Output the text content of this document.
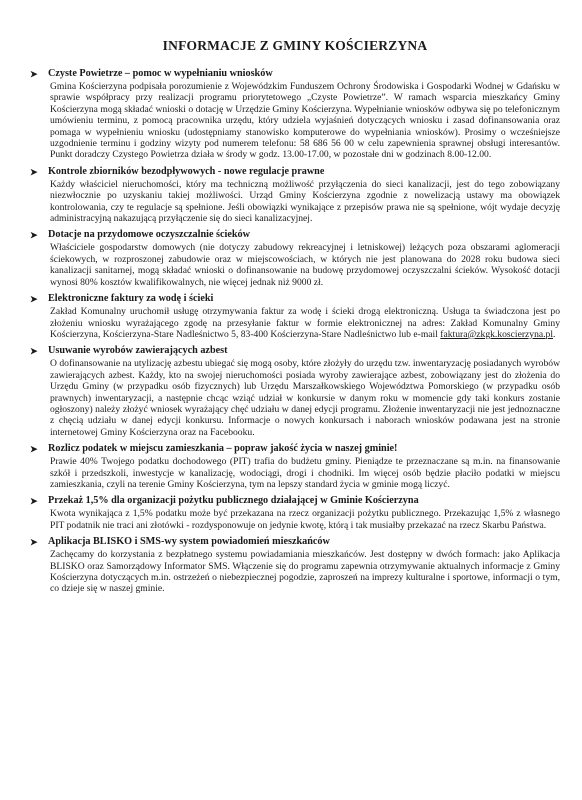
INFORMACJE Z GMINY KOŚCIERZYNA
➤	Czyste Powietrze – pomoc w wypełnianiu wniosków
Gmina Kościerzyna podpisała porozumienie z Wojewódzkim Funduszem Ochrony Środowiska i Gospodarki Wodnej w Gdańsku w sprawie współpracy przy realizacji programu priorytetowego „Czyste Powietrze”. W ramach wsparcia mieszkańcy Gminy Kościerzyna mogą składać wnioski o dotację w Urzędzie Gminy Kościerzyna. Wypełnianie wniosków odbywa się po telefonicznym umówieniu terminu, z pomocą pracownika urzędu, który udziela wyjaśnień dotyczących wniosku i zasad dofinansowania oraz pomaga w wypełnieniu wniosku (udostępniamy stanowisko komputerowe do wypełniania wniosków). Prosimy o wcześniejsze uzgodnienie terminu i godziny wizyty pod numerem telefonu: 58 686 56 00 w celu zapewnienia sprawnej obsługi interesantów. Punkt doradczy Czystego Powietrza działa w środy w godz. 13.00-17.00, w pozostałe dni w godzinach 8.00-12.00.
➤	Kontrole zbiorników bezodpływowych - nowe regulacje prawne
Każdy właściciel nieruchomości, który ma techniczną możliwość przyłączenia do sieci kanalizacji, jest do tego zobowiązany niezwłocznie po uzyskaniu takiej możliwości. Urząd Gminy Kościerzyna zgodnie z nowelizacją ustawy ma obowiązek kontrolowania, czy te regulacje są spełnione. Jeśli obowiązki wynikające z przepisów prawa nie są spełnione, wójt wydaje decyzję administracyjną nakazującą przyłączenie się do sieci kanalizacyjnej.
➤	Dotacje na przydomowe oczyszczalnie ścieków
Właściciele gospodarstw domowych (nie dotyczy zabudowy rekreacyjnej i letniskowej) leżących poza obszarami aglomeracji ściekowych, w rozproszonej zabudowie oraz w miejscowościach, w których nie jest planowana do 2028 roku budowa sieci kanalizacji sanitarnej, mogą składać wnioski o dofinansowanie na budowę przydomowej oczyszczalni ścieków. Wysokość dotacji wynosi 80% kosztów kwalifikowalnych, nie więcej jednak niż 9000 zł.
➤	Elektroniczne faktury za wodę i ścieki
Zakład Komunalny uruchomił usługę otrzymywania faktur za wodę i ścieki drogą elektroniczną. Usługa ta świadczona jest po złożeniu wniosku wyrażającego zgodę na przesyłanie faktur w formie elektronicznej na adres: Zakład Komunalny Gminy Kościerzyna, Kościerzyna-Stare Nadleśnictwo 5, 83-400 Kościerzyna-Stare Nadleśnictwo lub e-mail faktura@zkgk.koscierzyna.pl.
➤	Usuwanie wyrobów zawierających azbest
O dofinansowanie na utylizację azbestu ubiegać się mogą osoby, które złożyły do urzędu tzw. inwentaryzację posiadanych wyrobów zawierających azbest. Każdy, kto na swojej nieruchomości posiada wyroby zawierające azbest, zobowiązany jest do złożenia do Urzędu Gminy (w przypadku osób fizycznych) lub Urzędu Marszałkowskiego Województwa Pomorskiego (w przypadku osób prawnych) inwentaryzacji, a następnie chcąc wziąć udział w konkursie w danym roku w momencie gdy taki konkurs zostanie ogłoszony) należy złożyć wniosek wyrażający chęć udziału w danej edycji programu. Złożenie inwentaryzacji nie jest jednoznaczne z chęcią udziału w danej edycji konkursu. Informacje o nowych konkursach i naborach wniosków podawana jest na stronie internetowej Gminy Kościerzyna oraz na Facebooku.
➤	Rozlicz podatek w miejscu zamieszkania – popraw jakość życia w naszej gminie!
Prawie 40% Twojego podatku dochodowego (PIT) trafia do budżetu gminy. Pieniądze te przeznaczane są m.in. na finansowanie szkół i przedszkoli, inwestycje w kanalizację, wodociągi, drogi i chodniki. Im więcej osób będzie płaciło podatki w miejscu zamieszkania, czyli na terenie Gminy Kościerzyna, tym na lepszy standard życia w gminie mogą liczyć.
➤	Przekaż 1,5% dla organizacji pożytku publicznego działającej w Gminie Kościerzyna
Kwota wynikająca z 1,5% podatku może być przekazana na rzecz organizacji pożytku publicznego. Przekazując 1,5% z własnego PIT podatnik nie traci ani złotówki - rozdysponowuje on jedynie kwotę, którą i tak musiałby przekazać na rzecz Skarbu Państwa.
➤	Aplikacja BLISKO i SMS-wy system powiadomień mieszkańców
Zachęcamy do korzystania z bezpłatnego systemu powiadamiania mieszkańców. Jest dostępny w dwóch formach: jako Aplikacja BLISKO oraz Samorządowy Informator SMS. Włączenie się do programu zapewnia otrzymywanie aktualnych informacje z Gminy Kościerzyna dotyczących m.in. ostrzeżeń o niebezpiecznej pogodzie, zaproszeń na imprezy kulturalne i sportowe, informacji o tym, co dzieje się w naszej gminie.
